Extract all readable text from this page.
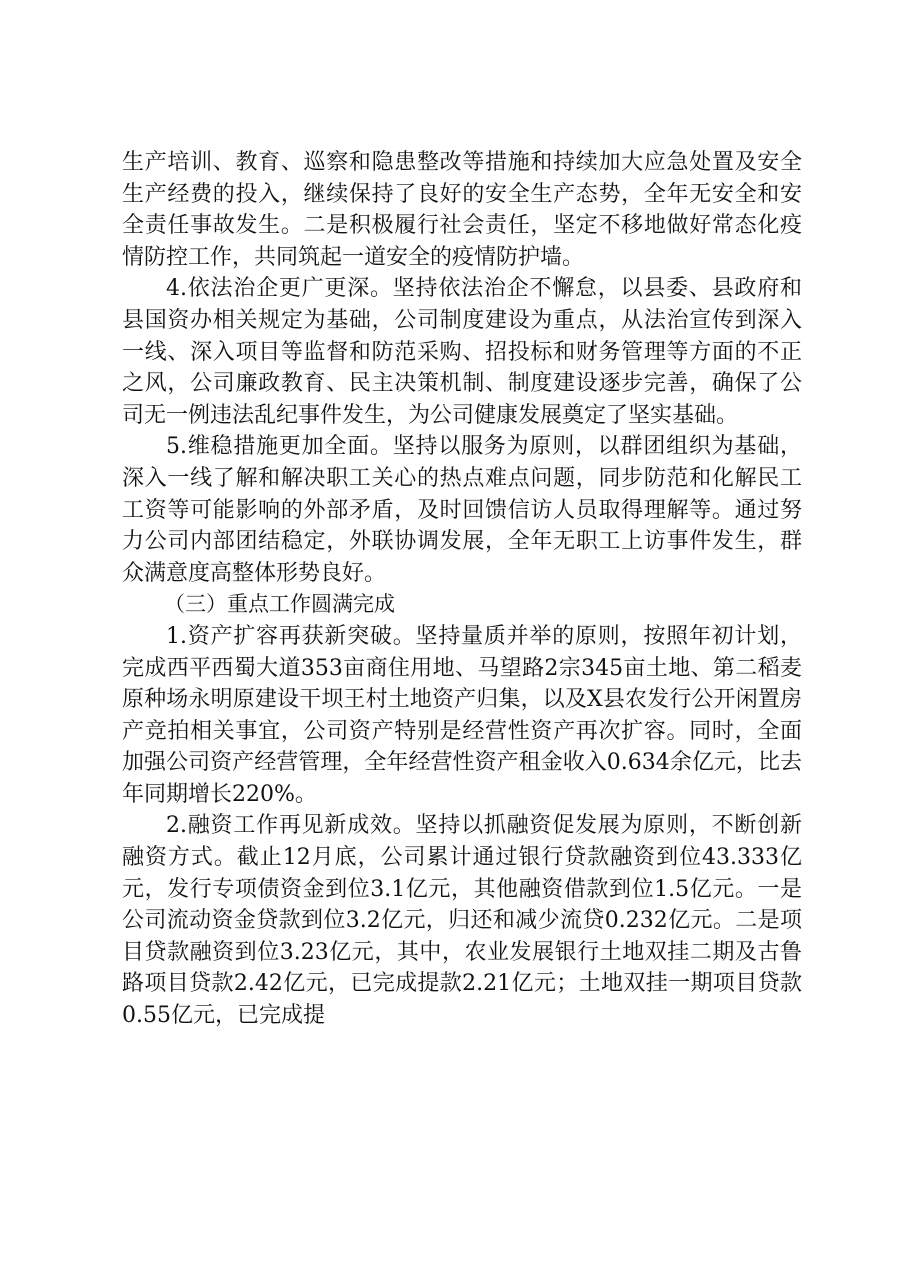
生产培训、教育、巡察和隐患整改等措施和持续加大应急处置及安全生产经费的投入，继续保持了良好的安全生产态势，全年无安全和安全责任事故发生。二是积极履行社会责任，坚定不移地做好常态化疫情防控工作，共同筑起一道安全的疫情防护墙。

4.依法治企更广更深。坚持依法治企不懈怠，以县委、县政府和县国资办相关规定为基础，公司制度建设为重点，从法治宣传到深入一线、深入项目等监督和防范采购、招投标和财务管理等方面的不正之风，公司廉政教育、民主决策机制、制度建设逐步完善，确保了公司无一例违法乱纪事件发生，为公司健康发展奠定了坚实基础。

5.维稳措施更加全面。坚持以服务为原则，以群团组织为基础，深入一线了解和解决职工关心的热点难点问题，同步防范和化解民工工资等可能影响的外部矛盾，及时回馈信访人员取得理解等。通过努力公司内部团结稳定，外联协调发展，全年无职工上访事件发生，群众满意度高整体形势良好。

（三）重点工作圆满完成

1.资产扩容再获新突破。坚持量质并举的原则，按照年初计划，完成西平西蜀大道353亩商住用地、马望路2宗345亩土地、第二稻麦原种场永明原建设干坝王村土地资产归集，以及X县农发行公开闲置房产竞拍相关事宜，公司资产特别是经营性资产再次扩容。同时，全面加强公司资产经营管理，全年经营性资产租金收入0.634余亿元，比去年同期增长220%。

2.融资工作再见新成效。坚持以抓融资促发展为原则，不断创新融资方式。截止12月底，公司累计通过银行贷款融资到位43.333亿元，发行专项债资金到位3.1亿元，其他融资借款到位1.5亿元。一是公司流动资金贷款到位3.2亿元，归还和减少流贷0.232亿元。二是项目贷款融资到位3.23亿元，其中，农业发展银行土地双挂二期及古鲁路项目贷款2.42亿元，已完成提款2.21亿元；土地双挂一期项目贷款0.55亿元，已完成提
